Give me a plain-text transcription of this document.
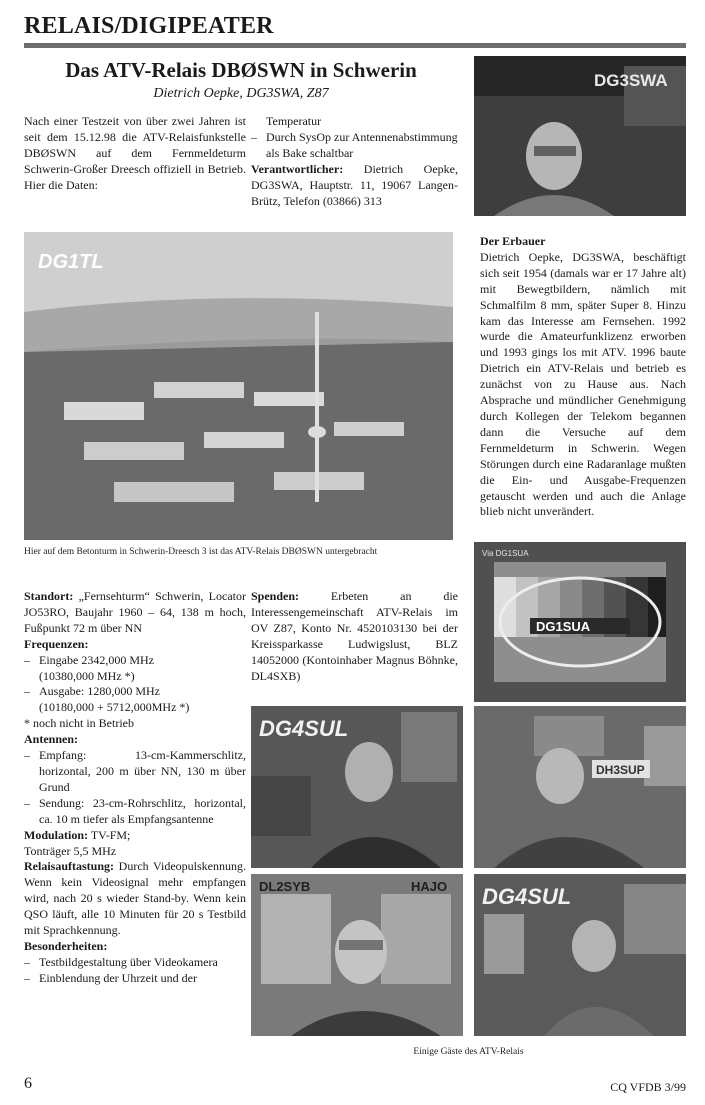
RELAIS/DIGIPEATER
Das ATV-Relais DBØSWN in Schwerin
Dietrich Oepke, DG3SWA, Z87
Nach einer Testzeit von über zwei Jahren ist seit dem 15.12.98 die ATV-Relaisfunkstelle DBØSWN auf dem Fernmeldeturm Schwerin-Großer Dreesch offiziell in Betrieb. Hier die Daten:
Temperatur
– Durch SysOp zur Antennenabstimmung als Bake schaltbar
Verantwortlicher: Dietrich Oepke, DG3SWA, Hauptstr. 11, 19067 Langen-Brütz, Telefon (03866) 313
DG3SWA
DG1TL
Hier auf dem Betonturm in Schwerin-Dreesch 3 ist das ATV-Relais DBØSWN untergebracht
Der Erbauer
Dietrich Oepke, DG3SWA, beschäftigt sich seit 1954 (damals war er 17 Jahre alt) mit Bewegtbildern, nämlich mit Schmalfilm 8 mm, später Super 8. Hinzu kam das Interesse am Fernsehen. 1992 wurde die Amateurfunklizenz erworben und 1993 gings los mit ATV. 1996 baute Dietrich ein ATV-Relais und betrieb es zunächst von zu Hause aus. Nach Absprache und mündlicher Genehmigung durch Kollegen der Telekom begannen dann die Versuche auf dem Fernmeldeturm in Schwerin. Wegen Störungen durch eine Radaranlage mußten die Ein- und Ausgabe-Frequenzen getauscht werden und auch die Anlage blieb nicht unverändert.
DG1SUA
Via DG1SUA
Standort: „Fernsehturm“ Schwerin, Locator JO53RO, Baujahr 1960 – 64, 138 m hoch, Fußpunkt 72 m über NN
Frequenzen:
– Eingabe 2342,000 MHz
(10380,000 MHz *)
– Ausgabe: 1280,000 MHz
(10180,000 + 5712,000MHz *)
* noch nicht in Betrieb
Antennen:
– Empfang: 13-cm-Kammerschlitz, horizontal, 200 m über NN, 130 m über Grund
– Sendung: 23-cm-Rohrschlitz, horizontal, ca. 10 m tiefer als Empfangsantenne
Modulation: TV-FM;
Tonträger 5,5 MHz
Relaisauftastung: Durch Videopulskennung. Wenn kein Videosignal mehr empfangen wird, nach 20 s wieder Stand-by. Wenn kein QSO läuft, alle 10 Minuten für 20 s Testbild mit Sprachkennung.
Besonderheiten:
– Testbildgestaltung über Videokamera
– Einblendung der Uhrzeit und der
Spenden:	Erbeten an die Interessengemeinschaft ATV-Relais im OV Z87, Konto Nr. 4520103130 bei der Kreissparkasse Ludwigslust, BLZ 14052000 (Kontoinhaber Magnus Böhnke, DL4SXB)
DG4SUL
DH3SUP
DL2SYB	HAJO DG4SUL
Einige Gäste des ATV-Relais
6	CQ VFDB 3/99
